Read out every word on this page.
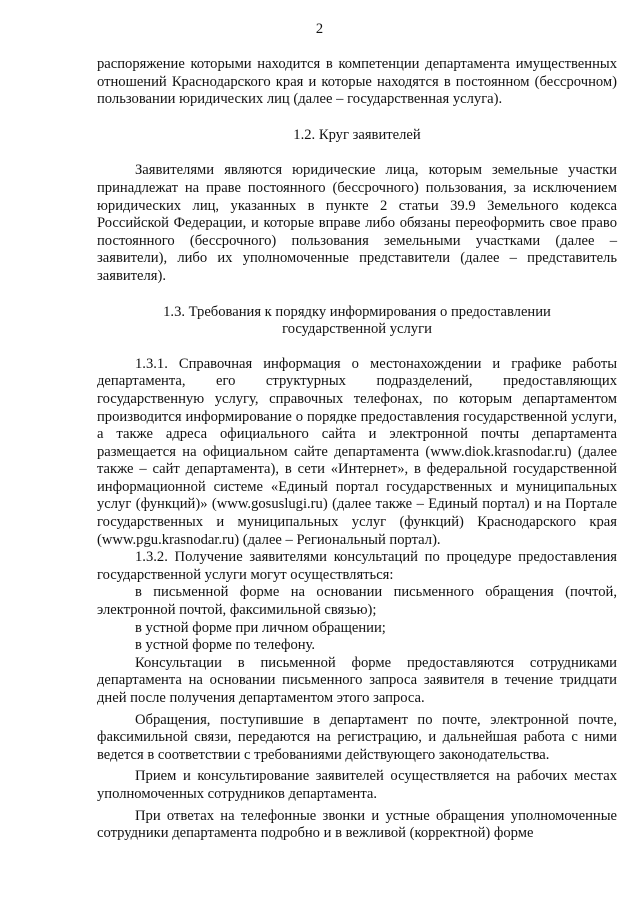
2

распоряжение которыми находится в компетенции департамента имущественных отношений Краснодарского края и которые находятся в постоянном (бессрочном) пользовании юридических лиц (далее – государственная услуга).

1.2. Круг заявителей

Заявителями являются юридические лица, которым земельные участки принадлежат на праве постоянного (бессрочного) пользования, за исключением юридических лиц, указанных в пункте 2 статьи 39.9 Земельного кодекса Российской Федерации, и которые вправе либо обязаны переоформить свое право постоянного (бессрочного) пользования земельными участками (далее – заявители), либо их уполномоченные представители (далее – представитель заявителя).

1.3. Требования к порядку информирования о предоставлении

государственной услуги

1.3.1. Справочная информация о местонахождении и графике работы департамента, его структурных подразделений, предоставляющих государственную услугу, справочных телефонах, по которым департаментом производится информирование о порядке предоставления государственной услуги, а также адреса официального сайта и электронной почты департамента размещается на официальном сайте департамента (www.diok.krasnodar.ru) (далее также – сайт департамента), в сети «Интернет», в федеральной государственной информационной системе «Единый портал государственных и муниципальных услуг (функций)» (www.gosuslugi.ru) (далее также – Единый портал) и на Портале государственных и муниципальных услуг (функций) Краснодарского края (www.pgu.krasnodar.ru) (далее – Региональный портал).

1.3.2. Получение заявителями консультаций по процедуре предоставления государственной услуги могут осуществляться:

в письменной форме на основании письменного обращения (почтой, электронной почтой, факсимильной связью);

в устной форме при личном обращении;

в устной форме по телефону.

Консультации в письменной форме предоставляются сотрудниками департамента на основании письменного запроса заявителя в течение тридцати дней после получения департаментом этого запроса.

Обращения, поступившие в департамент по почте, электронной почте, факсимильной связи, передаются на регистрацию, и дальнейшая работа с ними ведется в соответствии с требованиями действующего законодательства.

Прием и консультирование заявителей осуществляется на рабочих местах уполномоченных сотрудников департамента.

При ответах на телефонные звонки и устные обращения уполномоченные сотрудники департамента подробно и в вежливой (корректной) форме
